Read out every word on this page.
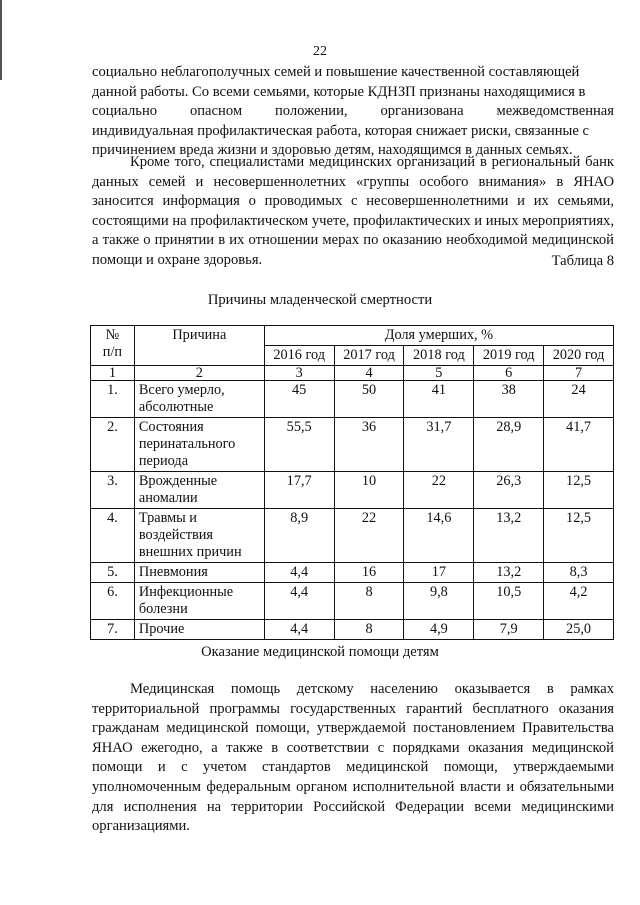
22

социально неблагополучных семей и повышение качественной составляющей

данной работы. Со всеми семьями, которые КДНЗП признаны находящимися в

социально опасном положении, организована межведомственная

индивидуальная профилактическая работа, которая снижает риски, связанные с

причинением вреда жизни и здоровью детям, находящимся в данных семьях.

Кроме того, специалистами медицинских организаций в региональный банк данных семей и несовершеннолетних «группы особого внимания» в ЯНАО заносится информация о проводимых с несовершеннолетними и их семьями, состоящими на профилактическом учете, профилактических и иных мероприятиях, а также о принятии в их отношении мерах по оказанию необходимой медицинской помощи и охране здоровья.	Таблица 8
Причины младенческой смертности
№
п/п	Причина	Доля умерших, %				
		2016 год	2017 год	2018 год	2019 год	2020 год
1	2	3	4	5	6	7
1.	Всего умерло, абсолютные	45	50	41	38	24
2.	Состояния перинатального периода	55,5	36	31,7	28,9	41,7
3.	Врожденные аномалии	17,7	10	22	26,3	12,5
4.	Травмы и воздействия внешних причин	8,9	22	14,6	13,2	12,5
5.	Пневмония	4,4	16	17	13,2	8,3
6.	Инфекционные болезни	4,4	8	9,8	10,5	4,2
7.	Прочие	4,4	8	4,9	7,9	25,0
Оказание медицинской помощи детям

Медицинская помощь детскому населению оказывается в рамках территориальной программы государственных гарантий бесплатного оказания гражданам медицинской помощи, утверждаемой постановлением Правительства ЯНАО ежегодно, а также в соответствии с порядками оказания медицинской помощи и с учетом стандартов медицинской помощи, утверждаемыми уполномоченным федеральным органом исполнительной власти и обязательными для исполнения на территории Российской Федерации всеми медицинскими организациями.
